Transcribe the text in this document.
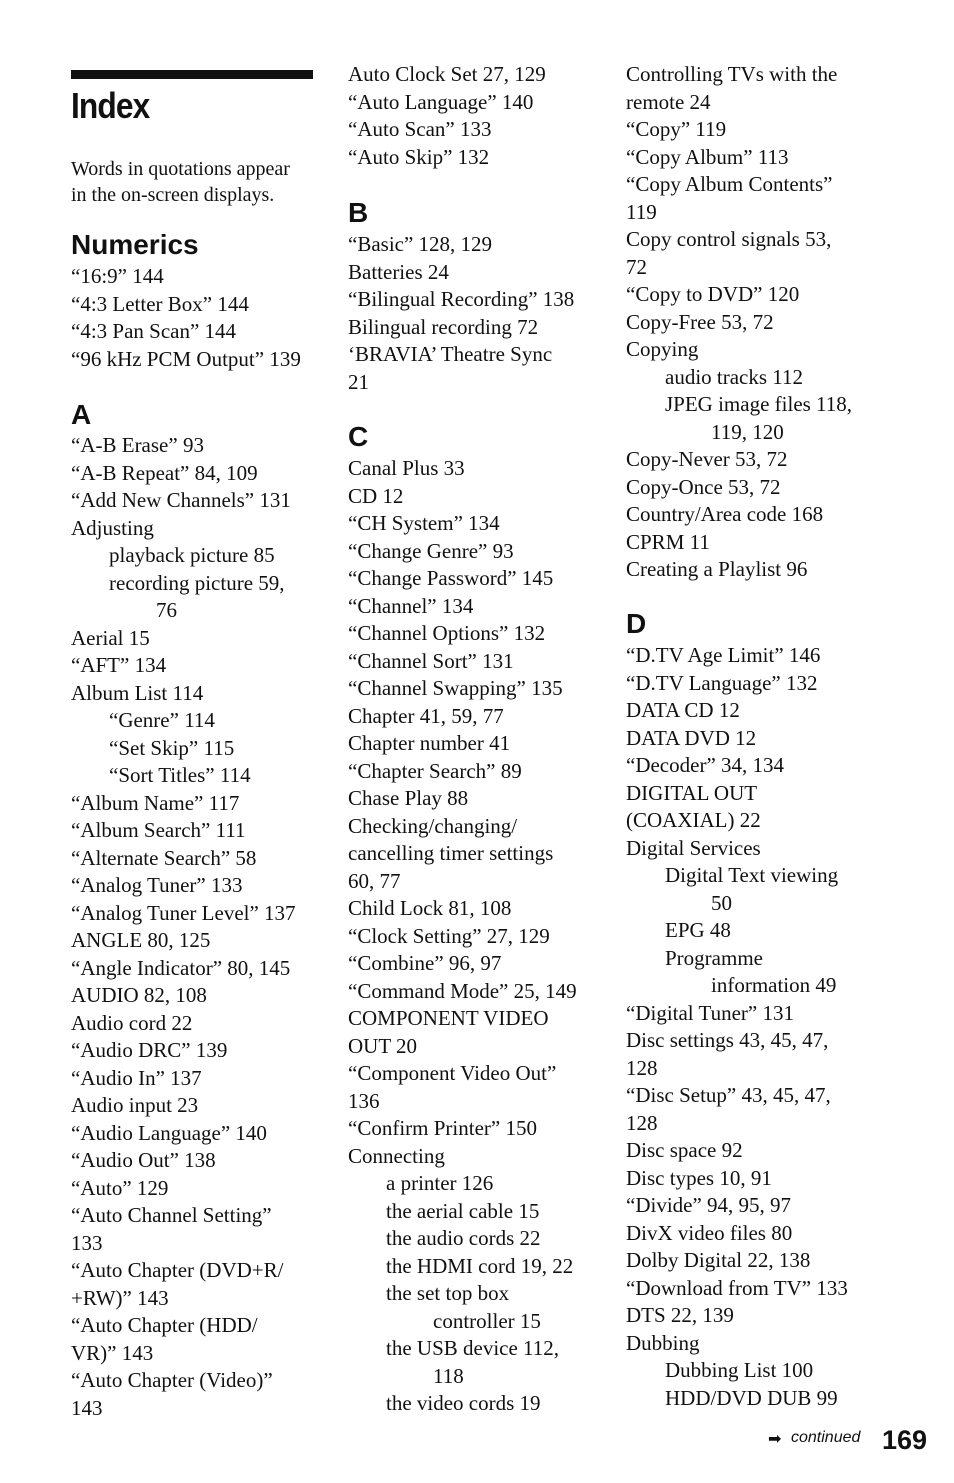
Index
Words in quotations appear
in the on-screen displays.
Numerics
“16:9” 144
“4:3 Letter Box” 144
“4:3 Pan Scan” 144
“96 kHz PCM Output” 139
A
“A-B Erase” 93
“A-B Repeat” 84, 109
“Add New Channels” 131
Adjusting
playback picture 85
recording picture 59,
76
Aerial 15
“AFT” 134
Album List 114
“Genre” 114
“Set Skip” 115
“Sort Titles” 114
“Album Name” 117
“Album Search” 111
“Alternate Search” 58
“Analog Tuner” 133
“Analog Tuner Level” 137
ANGLE 80, 125
“Angle Indicator” 80, 145
AUDIO 82, 108
Audio cord 22
“Audio DRC” 139
“Audio In” 137
Audio input 23
“Audio Language” 140
“Audio Out” 138
“Auto” 129
“Auto Channel Setting”
133
“Auto Chapter (DVD+R/
+RW)” 143
“Auto Chapter (HDD/
VR)” 143
“Auto Chapter (Video)”
143
Auto Clock Set 27, 129
“Auto Language” 140
“Auto Scan” 133
“Auto Skip” 132
B
“Basic” 128, 129
Batteries 24
“Bilingual Recording” 138
Bilingual recording 72
‘BRAVIA’ Theatre Sync
21
C
Canal Plus 33
CD 12
“CH System” 134
“Change Genre” 93
“Change Password” 145
“Channel” 134
“Channel Options” 132
“Channel Sort” 131
“Channel Swapping” 135
Chapter 41, 59, 77
Chapter number 41
“Chapter Search” 89
Chase Play 88
Checking/changing/
cancelling timer settings
60, 77
Child Lock 81, 108
“Clock Setting” 27, 129
“Combine” 96, 97
“Command Mode” 25, 149
COMPONENT VIDEO
OUT 20
“Component Video Out”
136
“Confirm Printer” 150
Connecting
a printer 126
the aerial cable 15
the audio cords 22
the HDMI cord 19, 22
the set top box
controller 15
the USB device 112,
118
the video cords 19
Controlling TVs with the
remote 24
“Copy” 119
“Copy Album” 113
“Copy Album Contents”
119
Copy control signals 53,
72
“Copy to DVD” 120
Copy-Free 53, 72
Copying
audio tracks 112
JPEG image files 118,
119, 120
Copy-Never 53, 72
Copy-Once 53, 72
Country/Area code 168
CPRM 11
Creating a Playlist 96
D
“D.TV Age Limit” 146
“D.TV Language” 132
DATA CD 12
DATA DVD 12
“Decoder” 34, 134
DIGITAL OUT
(COAXIAL) 22
Digital Services
Digital Text viewing
50
EPG 48
Programme
information 49
“Digital Tuner” 131
Disc settings 43, 45, 47,
128
“Disc Setup” 43, 45, 47,
128
Disc space 92
Disc types 10, 91
“Divide” 94, 95, 97
DivX video files 80
Dolby Digital 22, 138
“Download from TV” 133
DTS 22, 139
Dubbing
Dubbing List 100
HDD/DVD DUB 99
➡ continued 169
